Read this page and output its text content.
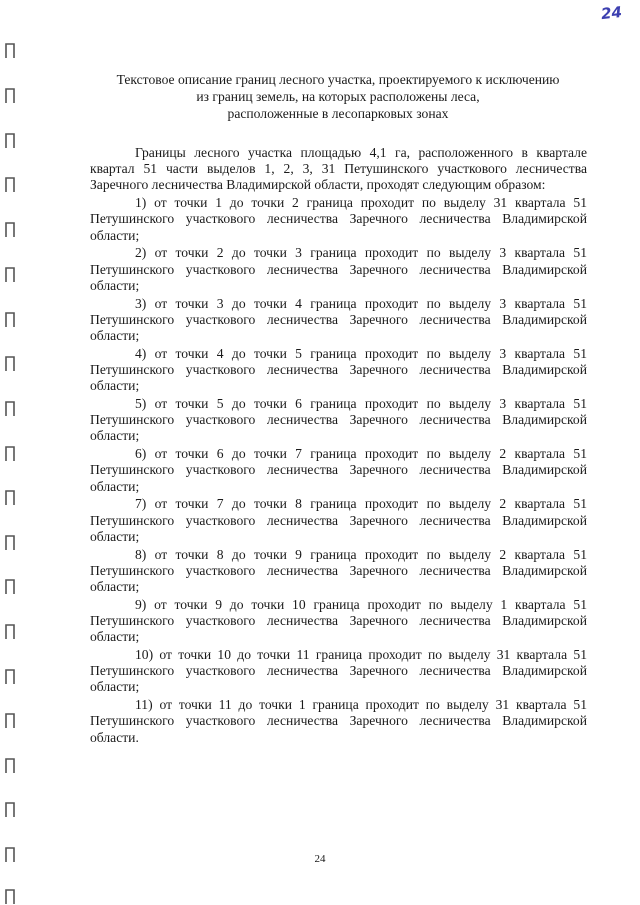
24
Текстовое описание границ лесного участка, проектируемого к исключению
из границ земель, на которых расположены леса,
расположенные в лесопарковых зонах

Границы лесного участка площадью 4,1 га, расположенного в квартале квартал 51 части выделов 1, 2, 3, 31 Петушинского участкового лесничества Заречного лесничества Владимирской области, проходят следующим образом:

1) от точки 1 до точки 2 граница проходит по выделу 31 квартала 51 Петушинского участкового лесничества Заречного лесничества Владимирской области;

2) от точки 2 до точки 3 граница проходит по выделу 3 квартала 51 Петушинского участкового лесничества Заречного лесничества Владимирской области;

3) от точки 3 до точки 4 граница проходит по выделу 3 квартала 51 Петушинского участкового лесничества Заречного лесничества Владимирской области;

4) от точки 4 до точки 5 граница проходит по выделу 3 квартала 51 Петушинского участкового лесничества Заречного лесничества Владимирской области;

5) от точки 5 до точки 6 граница проходит по выделу 3 квартала 51 Петушинского участкового лесничества Заречного лесничества Владимирской области;

6) от точки 6 до точки 7 граница проходит по выделу 2 квартала 51 Петушинского участкового лесничества Заречного лесничества Владимирской области;

7) от точки 7 до точки 8 граница проходит по выделу 2 квартала 51 Петушинского участкового лесничества Заречного лесничества Владимирской области;

8) от точки 8 до точки 9 граница проходит по выделу 2 квартала 51 Петушинского участкового лесничества Заречного лесничества Владимирской области;

9) от точки 9 до точки 10 граница проходит по выделу 1 квартала 51 Петушинского участкового лесничества Заречного лесничества Владимирской области;

10) от точки 10 до точки 11 граница проходит по выделу 31 квартала 51 Петушинского участкового лесничества Заречного лесничества Владимирской области;

11) от точки 11 до точки 1 граница проходит по выделу 31 квартала 51 Петушинского участкового лесничества Заречного лесничества Владимирской области.

24
